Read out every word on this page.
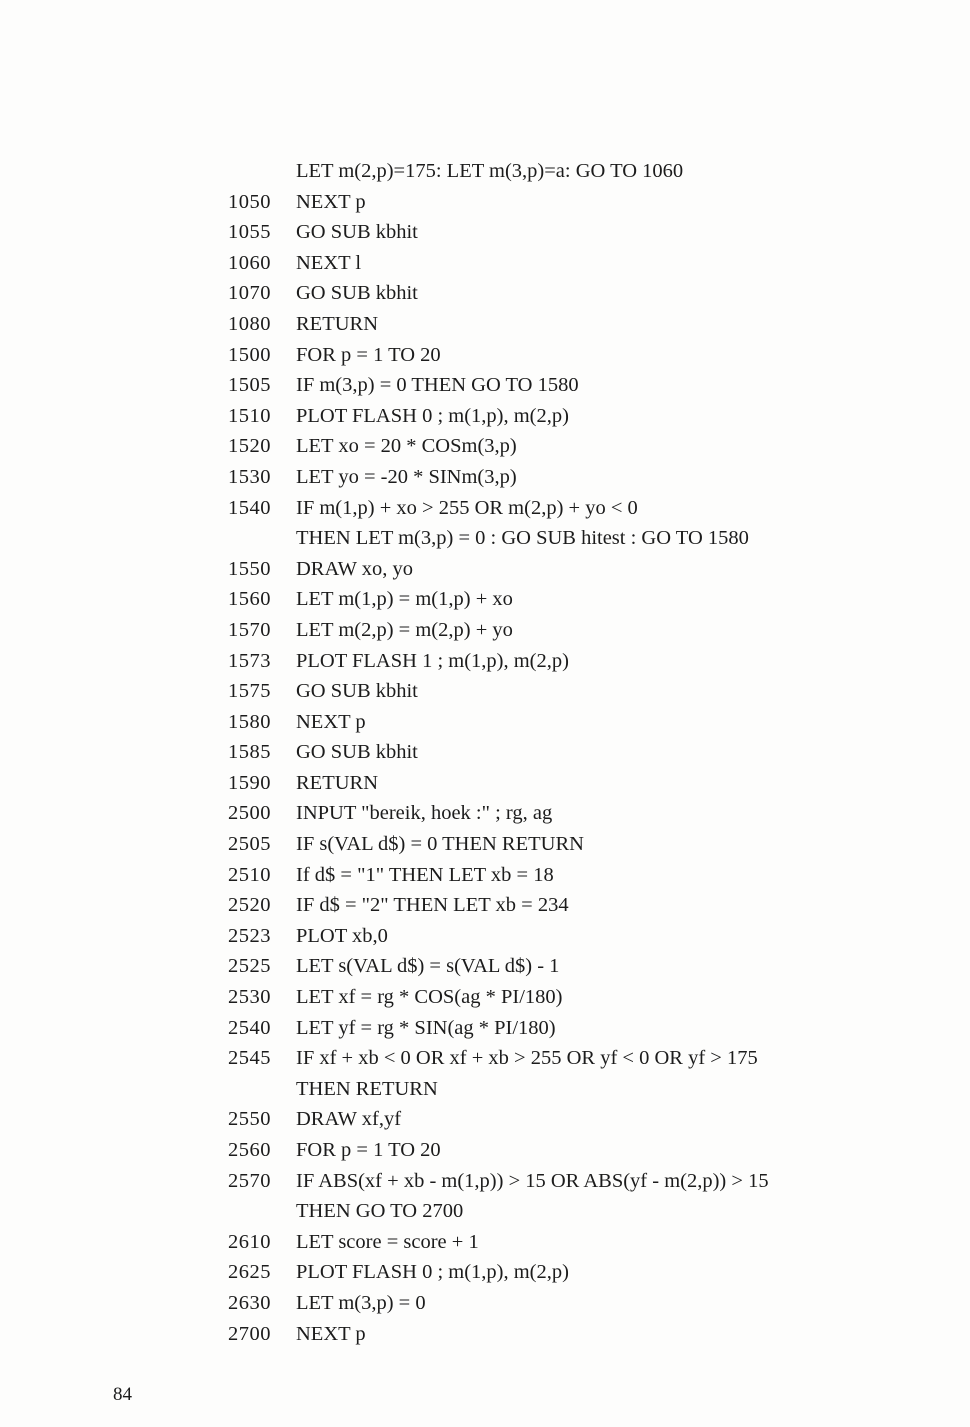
LET m(2,p)=175: LET m(3,p)=a: GO TO 1060
1050	NEXT p
1055	GO SUB kbhit
1060	NEXT l
1070	GO SUB kbhit
1080	RETURN
1500	FOR p = 1 TO 20
1505	IF m(3,p) = 0 THEN GO TO 1580
1510	PLOT FLASH 0 ; m(1,p), m(2,p)
1520	LET xo = 20 * COSm(3,p)
1530	LET yo = -20 * SINm(3,p)
1540	IF m(1,p) + xo > 255 OR m(2,p) + yo < 0
THEN LET m(3,p) = 0 : GO SUB hitest : GO TO 1580
1550	DRAW xo, yo
1560	LET m(1,p) = m(1,p) + xo
1570	LET m(2,p) = m(2,p) + yo
1573	PLOT FLASH 1 ; m(1,p), m(2,p)
1575	GO SUB kbhit
1580	NEXT p
1585	GO SUB kbhit
1590	RETURN
2500	INPUT "bereik, hoek :" ; rg, ag
2505	IF s(VAL d$) = 0 THEN RETURN
2510	If d$ = "1" THEN LET xb = 18
2520	IF d$ = "2" THEN LET xb = 234
2523	PLOT xb,0
2525	LET s(VAL d$) = s(VAL d$) - 1
2530	LET xf = rg * COS(ag * PI/180)
2540	LET yf = rg * SIN(ag * PI/180)
2545	IF xf + xb < 0 OR xf + xb > 255 OR yf < 0 OR yf > 175
THEN RETURN
2550	DRAW xf,yf
2560	FOR p = 1 TO 20
2570	IF ABS(xf + xb - m(1,p)) > 15 OR ABS(yf - m(2,p)) > 15
THEN GO TO 2700
2610	LET score = score + 1
2625	PLOT FLASH 0 ; m(1,p), m(2,p)
2630	LET m(3,p) = 0
2700	NEXT p
84
